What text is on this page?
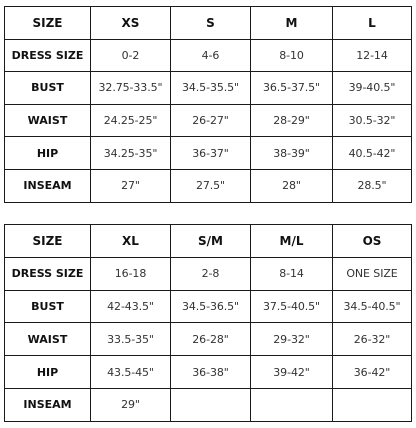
SIZE	XS	S	M	L
DRESS SIZE	0-2	4-6	8-10	12-14
BUST	32.75-33.5"	34.5-35.5"	36.5-37.5"	39-40.5"
WAIST	24.25-25"	26-27"	28-29"	30.5-32"
HIP	34.25-35"	36-37"	38-39"	40.5-42"
INSEAM	27"	27.5"	28"	28.5"
SIZE	XL	S/M	M/L	OS
DRESS SIZE	16-18	2-8	8-14	ONE SIZE
BUST	42-43.5"	34.5-36.5"	37.5-40.5"	34.5-40.5"
WAIST	33.5-35"	26-28"	29-32"	26-32"
HIP	43.5-45"	36-38"	39-42"	36-42"
INSEAM	29"			
